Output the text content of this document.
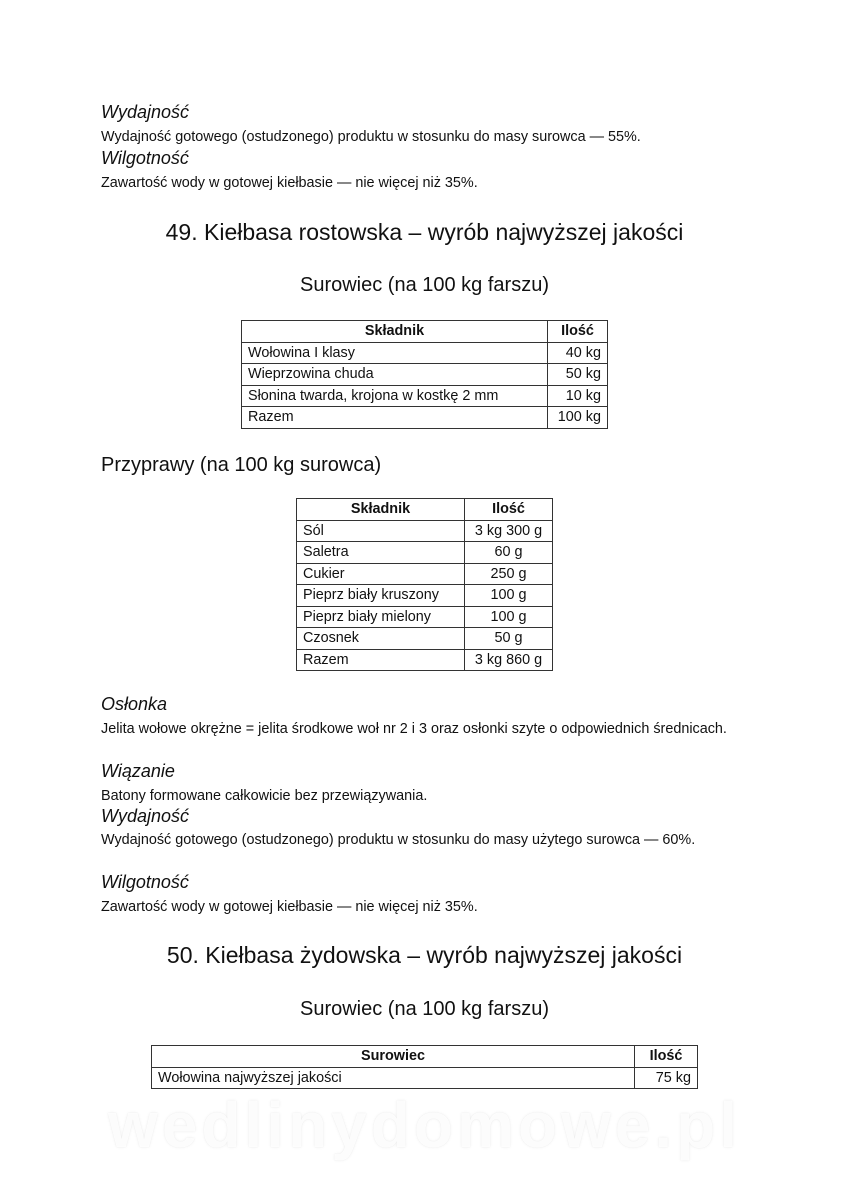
Wydajność

Wydajność gotowego (ostudzonego) produktu w stosunku do masy surowca — 55%.

Wilgotność

Zawartość wody w gotowej kiełbasie — nie więcej niż 35%.

49. Kiełbasa rostowska – wyrób najwyższej jakości
Surowiec (na 100 kg farszu)
Składnik	Ilość
Wołowina I klasy	40 kg
Wieprzowina chuda	50 kg
Słonina twarda, krojona w kostkę 2 mm	10 kg
Razem	100 kg
Przyprawy (na 100 kg surowca)
Składnik	Ilość
Sól	3 kg 300 g
Saletra	60 g
Cukier	250 g
Pieprz biały kruszony	100 g
Pieprz biały mielony	100 g
Czosnek	50 g
Razem	3 kg 860 g
Osłonka

Jelita wołowe okrężne = jelita środkowe woł nr 2 i 3 oraz osłonki szyte o odpowiednich średnicach.

Wiązanie

Batony formowane całkowicie bez przewiązywania.

Wydajność

Wydajność gotowego (ostudzonego) produktu w stosunku do masy użytego surowca — 60%.

Wilgotność

Zawartość wody w gotowej kiełbasie — nie więcej niż 35%.

50. Kiełbasa żydowska – wyrób najwyższej jakości
Surowiec (na 100 kg farszu)
Surowiec	Ilość
Wołowina najwyższej jakości	75 kg
wedlinydomowe.pl
